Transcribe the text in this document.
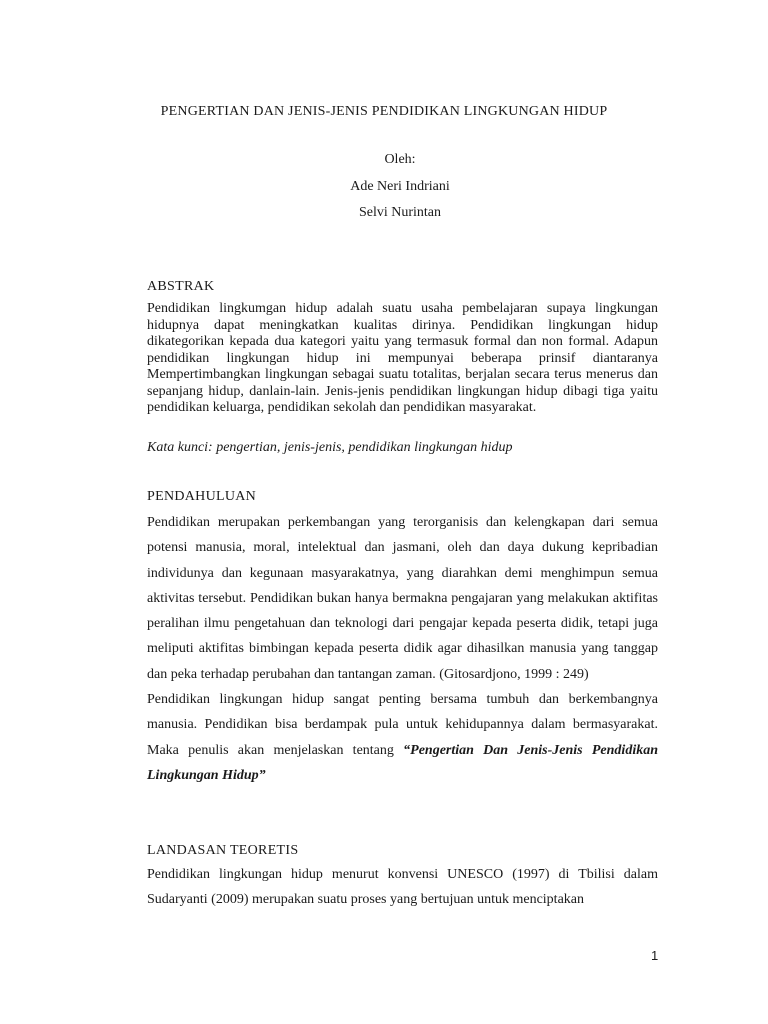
PENGERTIAN DAN JENIS-JENIS PENDIDIKAN LINGKUNGAN HIDUP
Oleh:
Ade Neri Indriani
Selvi Nurintan
ABSTRAK
Pendidikan lingkumgan hidup adalah suatu usaha pembelajaran supaya lingkungan hidupnya dapat meningkatkan kualitas dirinya. Pendidikan lingkungan hidup dikategorikan kepada dua kategori yaitu yang termasuk formal dan non formal. Adapun pendidikan lingkungan hidup ini mempunyai beberapa prinsif diantaranya Mempertimbangkan lingkungan sebagai suatu totalitas, berjalan secara terus menerus dan sepanjang hidup, danlain-lain. Jenis-jenis pendidikan lingkungan hidup dibagi tiga yaitu pendidikan keluarga, pendidikan sekolah dan pendidikan masyarakat.
Kata kunci: pengertian, jenis-jenis, pendidikan lingkungan hidup
PENDAHULUAN

Pendidikan merupakan perkembangan yang terorganisis dan kelengkapan dari semua potensi manusia, moral, intelektual dan jasmani, oleh dan daya dukung kepribadian individunya dan kegunaan masyarakatnya, yang diarahkan demi menghimpun semua aktivitas tersebut. Pendidikan bukan hanya bermakna pengajaran yang melakukan aktifitas peralihan ilmu pengetahuan dan teknologi dari pengajar kepada peserta didik, tetapi juga meliputi aktifitas bimbingan kepada peserta didik agar dihasilkan manusia yang tanggap dan peka terhadap perubahan dan tantangan zaman. (Gitosardjono, 1999 : 249)

Pendidikan lingkungan hidup sangat penting bersama tumbuh dan berkembangnya manusia. Pendidikan bisa berdampak pula untuk kehidupannya dalam bermasyarakat. Maka penulis akan menjelaskan tentang “Pengertian Dan Jenis-Jenis Pendidikan Lingkungan Hidup”

LANDASAN TEORETIS

Pendidikan lingkungan hidup menurut konvensi UNESCO (1997) di Tbilisi dalam Sudaryanti (2009) merupakan suatu proses yang bertujuan untuk menciptakan

1
